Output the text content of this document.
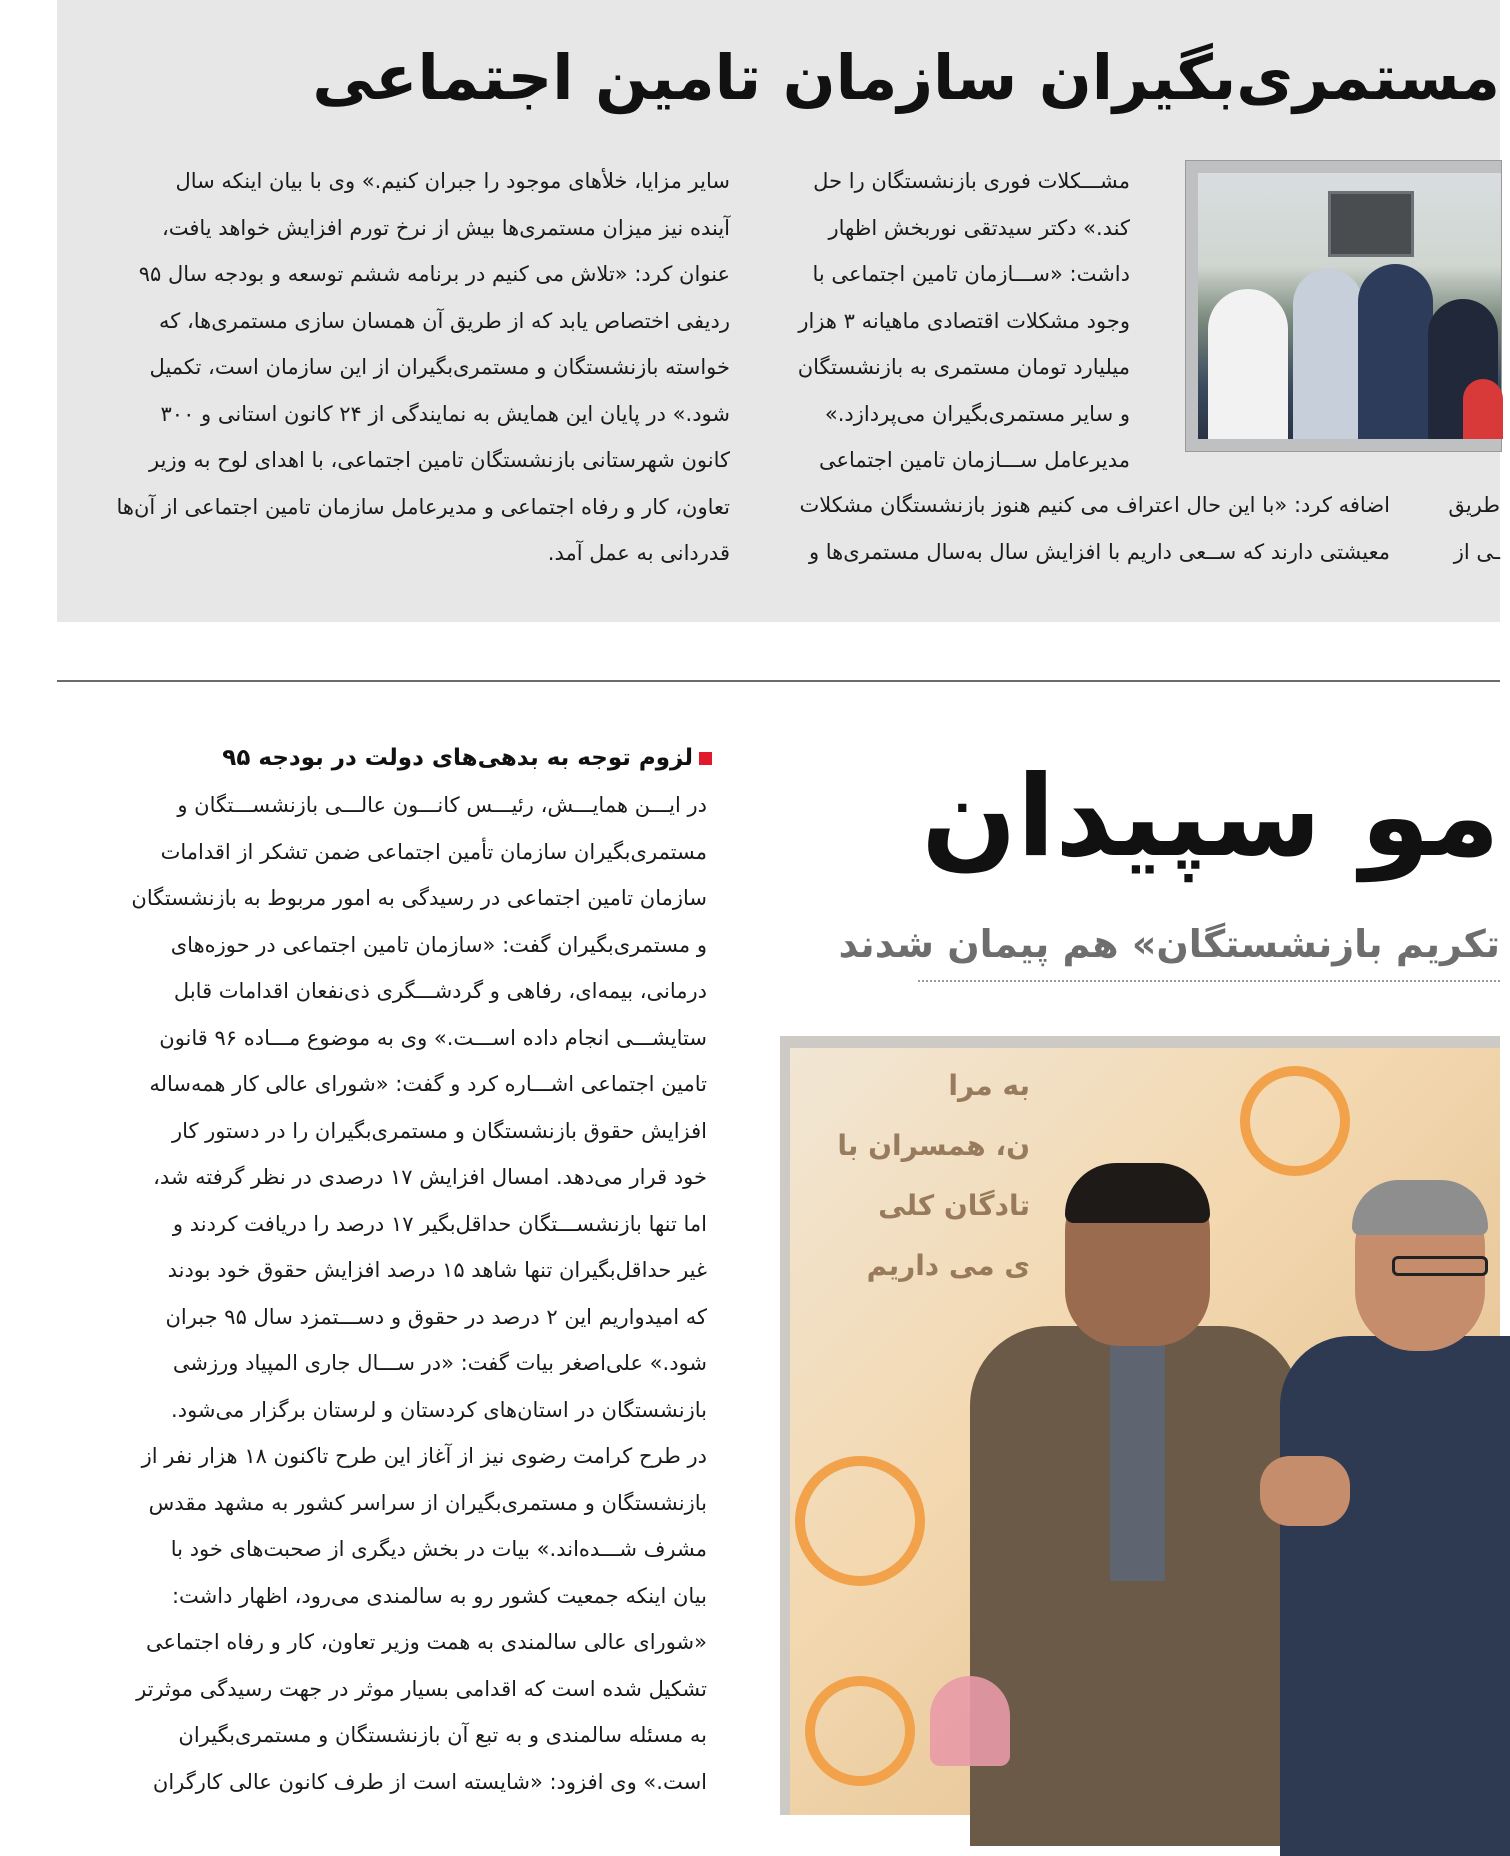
مستمری‌بگیران سازمان تامین اجتماعی

مشـــکلات فوری بازنشستگان را حل

کند.» دکتر سیدتقی نوربخش اظهار

داشت: «ســـازمان تامین اجتماعی با

وجود مشکلات اقتصادی ماهیانه ۳ هزار

میلیارد تومان مستمری به بازنشستگان

و سایر مستمری‌بگیران می‌پردازد.»

مدیرعامل ســـازمان تامین اجتماعی

اضافه کرد: «با این حال اعتراف می کنیم هنوز بازنشستگان مشکلات

معیشتی دارند که ســعی داریم با افزایش سال به‌سال مستمری‌ها و

طریق

ـی از

سایر مزایا، خلأهای موجود را جبران کنیم.» وی با بیان اینکه سال

آینده نیز میزان مستمری‌ها بیش از نرخ تورم افزایش خواهد یافت،

عنوان کرد: «تلاش می کنیم در برنامه ششم توسعه و بودجه سال ۹۵

ردیفی اختصاص یابد که از طریق آن همسان سازی مستمری‌ها، که

خواسته بازنشستگان و مستمری‌بگیران از این سازمان است، تکمیل

شود.» در پایان این همایش به نمایندگی از ۲۴ کانون استانی و ۳۰۰

کانون شهرستانی بازنشستگان تامین اجتماعی، با اهدای لوح به وزیر

تعاون، کار و رفاه اجتماعی و مدیرعامل سازمان تامین اجتماعی از آن‌ها

قدردانی به عمل آمد.

لزوم توجه به بدهی‌های دولت در بودجه ۹۵

در ایـــن همایـــش، رئیـــس کانـــون عالـــی بازنشســـتگان و

مستمری‌بگیران سازمان تأمین اجتماعی ضمن تشکر از اقدامات

سازمان تامین اجتماعی در رسیدگی به امور مربوط به بازنشستگان

و مستمری‌بگیران گفت: «سازمان تامین اجتماعی در حوزه‌های

درمانی، بیمه‌ای، رفاهی و گردشـــگری ذی‌نفعان اقدامات قابل

ستایشـــی انجام داده اســـت.» وی به موضوع مـــاده ۹۶ قانون

تامین اجتماعی اشـــاره کرد و گفت: «شورای عالی کار همه‌ساله

افزایش حقوق بازنشستگان و مستمری‌بگیران را در دستور کار

خود قرار می‌دهد. امسال افزایش ۱۷ درصدی در نظر گرفته شد،

اما تنها بازنشســـتگان حداقل‌بگیر ۱۷ درصد را دریافت کردند و

غیر حداقل‌بگیران تنها شاهد ۱۵ درصد افزایش حقوق خود بودند

که امیدواریم این ۲ درصد در حقوق و دســـتمزد سال ۹۵ جبران

شود.» علی‌اصغر بیات گفت: «در ســـال جاری المپیاد ورزشی

بازنشستگان در استان‌های کردستان و لرستان برگزار می‌شود.

در طرح کرامت رضوی نیز از آغاز این طرح تاکنون ۱۸ هزار نفر از

بازنشستگان و مستمری‌بگیران از سراسر کشور به مشهد مقدس

مشرف شـــده‌اند.» بیات در بخش دیگری از صحبت‌های خود با

بیان اینکه جمعیت کشور رو به سالمندی می‌رود، اظهار داشت:

«شورای عالی سالمندی به همت وزیر تعاون، کار و رفاه اجتماعی

تشکیل شده است که اقدامی بسیار موثر در جهت رسیدگی موثرتر

به مسئله سالمندی و به تبع آن بازنشستگان و مستمری‌بگیران

است.» وی افزود: «شایسته است از طرف کانون عالی کارگران

مو سپیدان
تکریم بازنشستگان» هم پیمان شدند
به مرا
ن، همسران با
تادگان کلی
ی می داریم
